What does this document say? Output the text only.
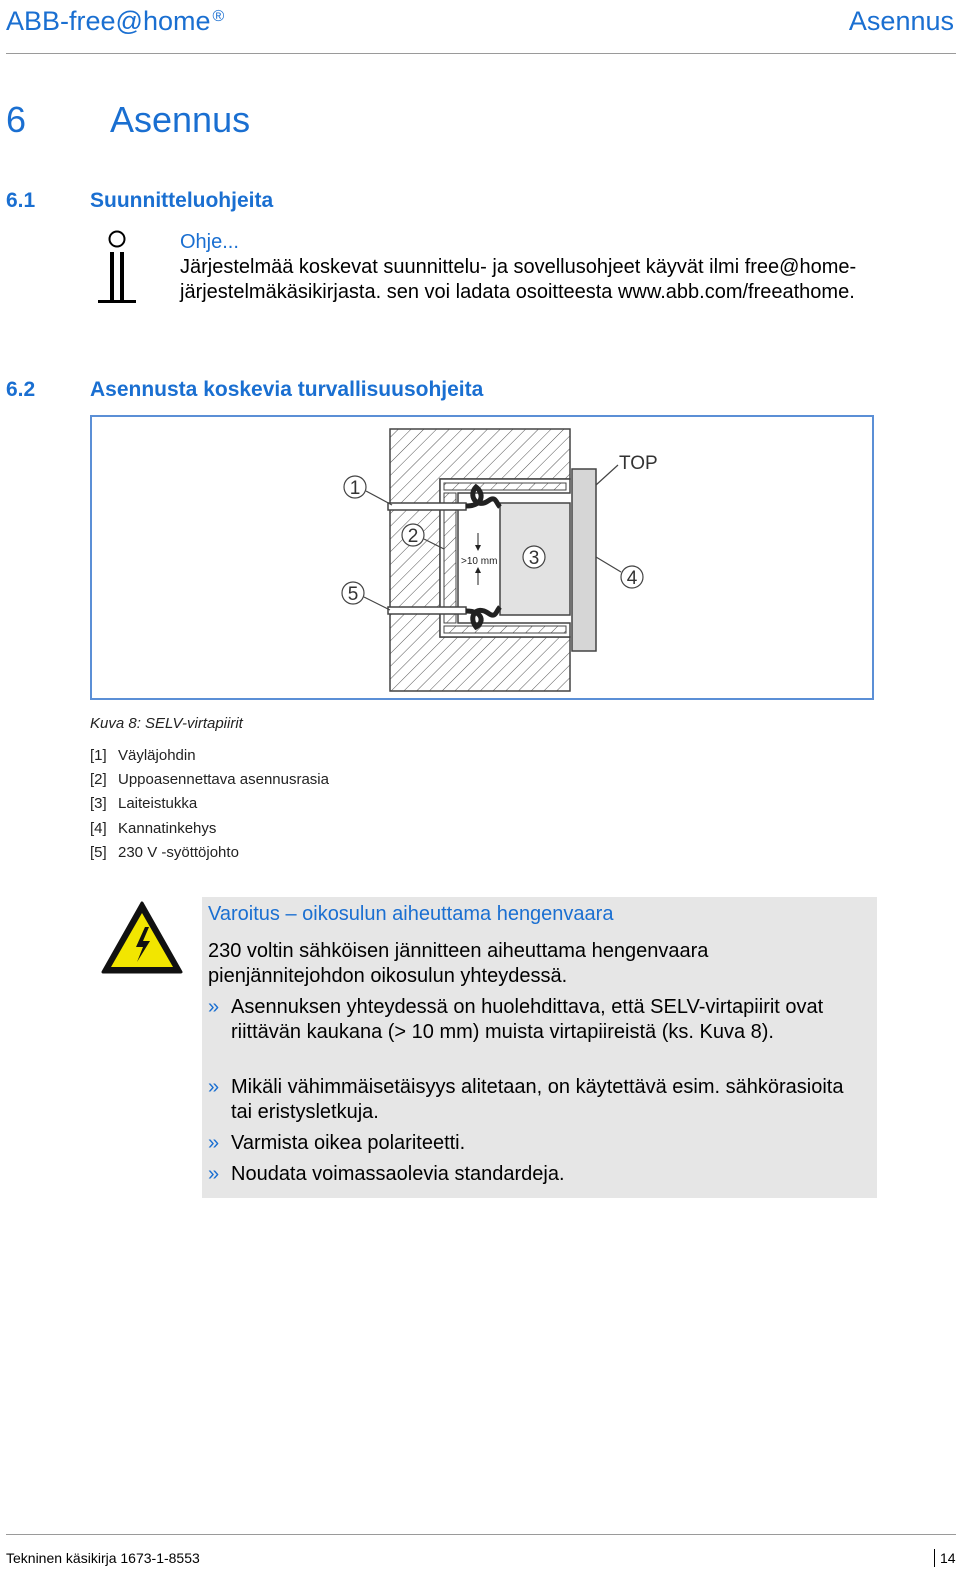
ABB-free@home ®	Asennus
6 Asennus
6.1	Suunnitteluohjeita
Ohje...
Järjestelmää koskevat suunnittelu- ja sovellusohjeet käyvät ilmi free@home-järjestelmäkäsikirjasta. sen voi ladata osoitteesta www.abb.com/freeathome.
6.2	Asennusta koskevia turvallisuusohjeita
>10 mm
1
2
3
4
5
TOP
Kuva 8: SELV-virtapiirit
[1] Väyläjohdin
[2] Uppoasennettava asennusrasia
[3] Laiteistukka
[4] Kannatinkehys
[5] 230 V -syöttöjohto
Varoitus – oikosulun aiheuttama hengenvaara
230 voltin sähköisen jännitteen aiheuttama hengenvaara pienjännitejohdon oikosulun yhteydessä.
» Asennuksen yhteydessä on huolehdittava, että SELV-virtapiirit ovat riittävän kaukana (> 10 mm) muista virtapiireistä (ks. Kuva 8).
» Mikäli vähimmäisetäisyys alitetaan, on käytettävä esim. sähkörasioita tai eristysletkuja.
» Varmista oikea polariteetti.
» Noudata voimassaolevia standardeja.
Tekninen käsikirja 1673-1-8553	14
